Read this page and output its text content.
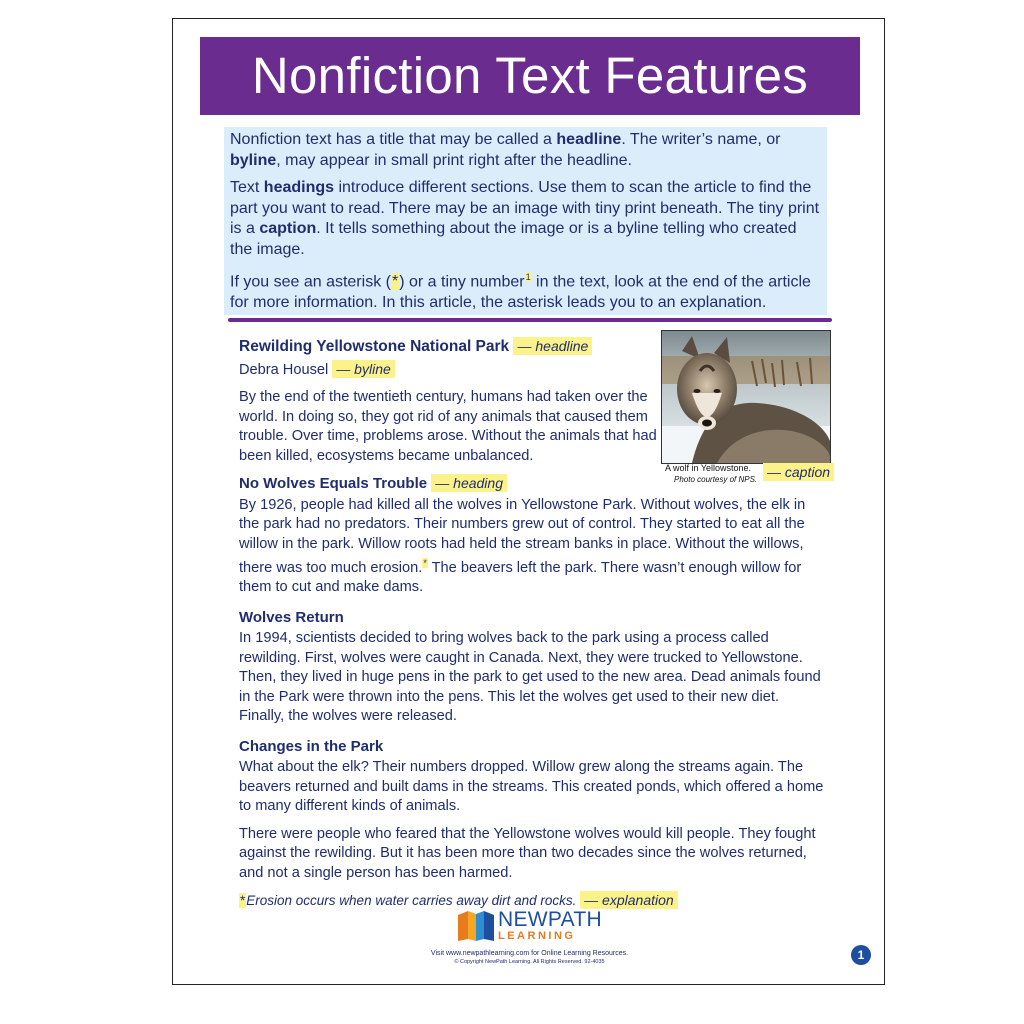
Nonfiction Text Features

Nonfiction text has a title that may be called a headline. The writer’s name, or byline, may appear in small print right after the headline.

Text headings introduce different sections. Use them to scan the article to find the part you want to read. There may be an image with tiny print beneath. The tiny print is a caption. It tells something about the image or is a byline telling who created the image.

If you see an asterisk (*) or a tiny number$^1$ in the text, look at the end of the article for more information. In this article, the asterisk leads you to an explanation.

A wolf in Yellowstone.
Photo courtesy of NPS. — caption
Rewilding Yellowstone National Park — headline

Debra Housel — byline

By the end of the twentieth century, humans had taken over the world. In doing so, they got rid of any animals that caused them trouble. Over time, problems arose. Without the animals that had been killed, ecosystems became unbalanced.

No Wolves Equals Trouble — heading

By 1926, people had killed all the wolves in Yellowstone Park. Without wolves, the elk in the park had no predators. Their numbers grew out of control. They started to eat all the willow in the park. Willow roots had held the stream banks in place. Without the willows, there was too much erosion.* The beavers left the park. There wasn’t enough willow for them to cut and make dams.

Wolves Return

In 1994, scientists decided to bring wolves back to the park using a process called rewilding. First, wolves were caught in Canada. Next, they were trucked to Yellowstone. Then, they lived in huge pens in the park to get used to the new area. Dead animals found in the Park were thrown into the pens. This let the wolves get used to their new diet. Finally, the wolves were released.

Changes in the Park

What about the elk? Their numbers dropped. Willow grew along the streams again. The beavers returned and built dams in the streams. This created ponds, which offered a home to many different kinds of animals.

There were people who feared that the Yellowstone wolves would kill people. They fought against the rewilding. But it has been more than two decades since the wolves returned, and not a single person has been harmed.

*Erosion occurs when water carries away dirt and rocks. — explanation

NEWPATH
LEARNING
Visit www.newpathlearning.com for Online Learning Resources.
© Copyright NewPath Learning. All Rights Reserved. 92-4035	1
